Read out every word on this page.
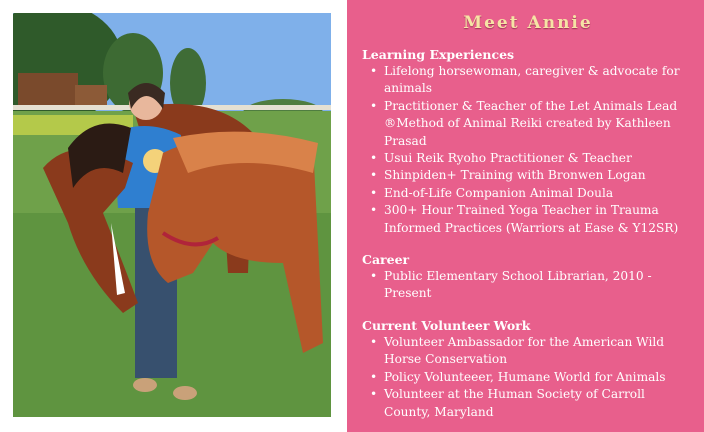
Meet Annie
Learning Experiences
• Lifelong horsewoman, caregiver & advocate for animals
• Practitioner & Teacher of the Let Animals Lead ®Method of Animal Reiki created by Kathleen Prasad
• Usui Reik Ryoho Practitioner & Teacher
• Shinpiden+ Training with Bronwen Logan
• End-of-Life Companion Animal Doula
• 300+ Hour Trained Yoga Teacher in Trauma Informed Practices (Warriors at Ease & Y12SR)
Career
• Public Elementary School Librarian, 2010 - Present
Current Volunteer Work
• Volunteer Ambassador for the American Wild Horse Conservation
• Policy Volunteeer, Humane World for Animals
• Volunteer at the Human Society of Carroll County, Maryland
